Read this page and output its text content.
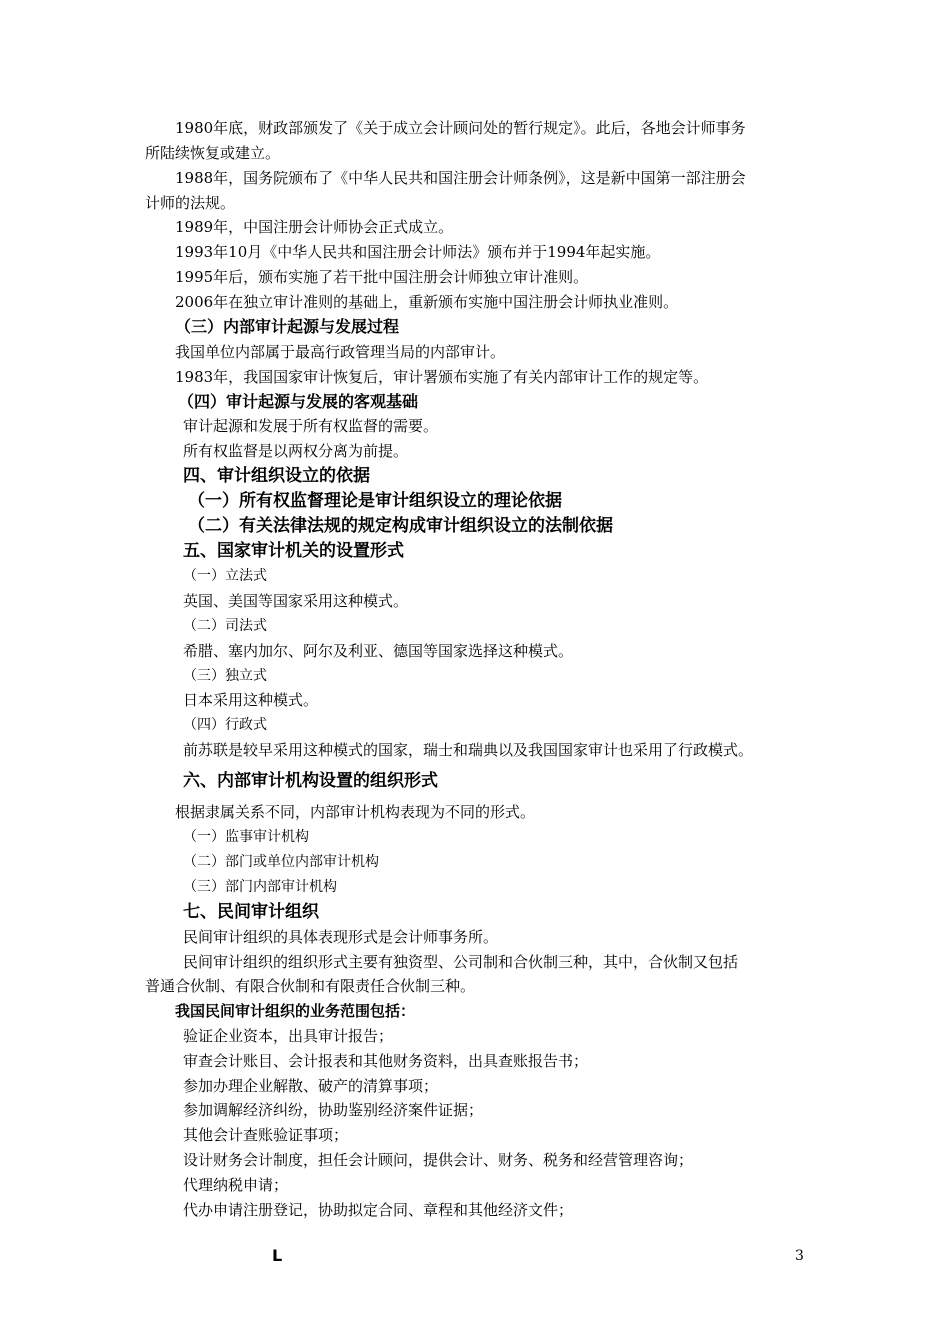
1980年底，财政部颁发了《关于成立会计顾问处的暂行规定》。此后，各地会计师事务
所陆续恢复或建立。
1988年，国务院颁布了《中华人民共和国注册会计师条例》，这是新中国第一部注册会
计师的法规。
1989年，中国注册会计师协会正式成立。
1993年10月《中华人民共和国注册会计师法》颁布并于1994年起实施。
1995年后，颁布实施了若干批中国注册会计师独立审计准则。
2006年在独立审计准则的基础上，重新颁布实施中国注册会计师执业准则。
（三）内部审计起源与发展过程
我国单位内部属于最高行政管理当局的内部审计。
1983年，我国国家审计恢复后，审计署颁布实施了有关内部审计工作的规定等。
（四）审计起源与发展的客观基础
审计起源和发展于所有权监督的需要。
所有权监督是以两权分离为前提。
四、审计组织设立的依据
（一）所有权监督理论是审计组织设立的理论依据
（二）有关法律法规的规定构成审计组织设立的法制依据
五、国家审计机关的设置形式
（一）立法式
英国、美国等国家采用这种模式。
（二）司法式
希腊、塞内加尔、阿尔及利亚、德国等国家选择这种模式。
（三）独立式
日本采用这种模式。
（四）行政式
前苏联是较早采用这种模式的国家，瑞士和瑞典以及我国国家审计也采用了行政模式。
六、内部审计机构设置的组织形式
根据隶属关系不同，内部审计机构表现为不同的形式。
（一）监事审计机构
（二）部门或单位内部审计机构
（三）部门内部审计机构
七、民间审计组织
民间审计组织的具体表现形式是会计师事务所。
民间审计组织的组织形式主要有独资型、公司制和合伙制三种，其中，合伙制又包括
普通合伙制、有限合伙制和有限责任合伙制三种。
我国民间审计组织的业务范围包括：
验证企业资本，出具审计报告；
审查会计账目、会计报表和其他财务资料，出具查账报告书；
参加办理企业解散、破产的清算事项；
参加调解经济纠纷，协助鉴别经济案件证据；
其他会计查账验证事项；
设计财务会计制度，担任会计顾问，提供会计、财务、税务和经营管理咨询；
代理纳税申请；
代办申请注册登记，协助拟定合同、章程和其他经济文件；
L	3
